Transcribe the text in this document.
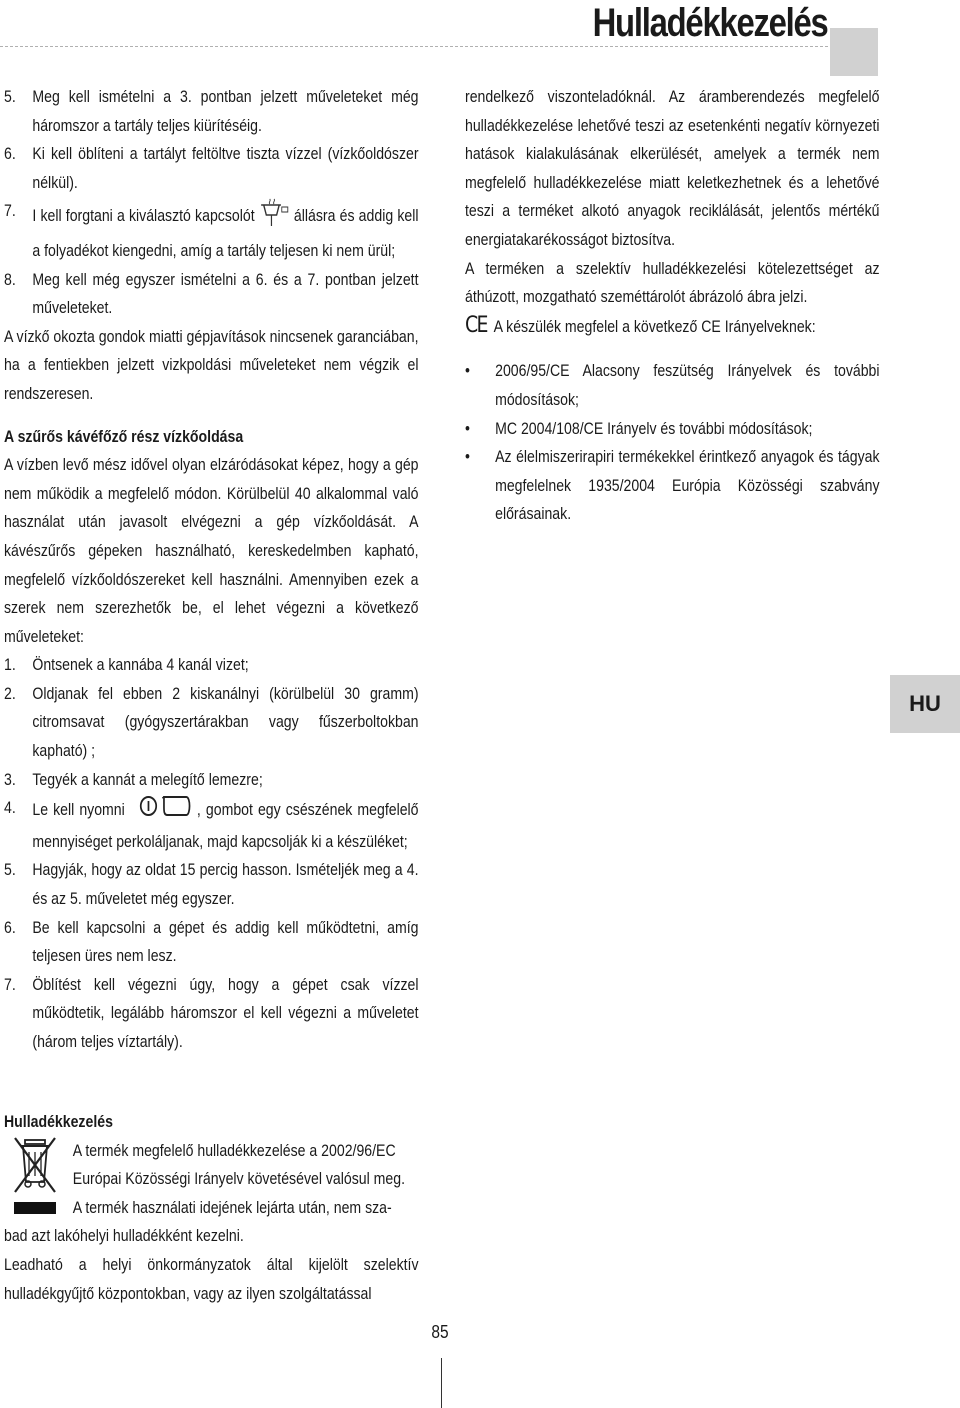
Hulladékkezelés
HU
5.	Meg kell ismételni a 3. pontban jelzett műveleteket még háromszor a tartály teljes kiürítéséig.
6.	Ki kell öblíteni a tartályt feltöltve tiszta vízzel (vízkőoldószer nélkül).
7.	I kell forgtani a kiválasztó kapcsolót állásra és addig kell a folyadékot kiengedni, amíg a tartály teljesen ki nem ürül;
8.	Meg kell még egyszer ismételni a 6. és a 7. pontban jelzett műveleteket.

A vízkő okozta gondok miatti gépjavítások nincsenek garanciában, ha a fentiekben jelzett vizkpoldási műveleteket nem végzik el rendszeresen.

A szűrős kávéfőző rész vízkőoldása

A vízben levő mész idővel olyan elzáródásokat képez, hogy a gép nem működik a megfelelő módon. Körülbelül 40 alkalommal való használat után javasolt elvégezni a gép vízkőoldását. A kávészűrős gépeken használható, kereskedelmben kapható, megfelelő vízkőoldószereket kell használni. Amennyiben ezek a szerek nem szerezhetők be, el lehet végezni a következő műveleteket:

1.	Öntsenek a kannába 4 kanál vizet;
2.	Oldjanak fel ebben 2 kiskanálnyi (körülbelül 30 gramm) citromsavat (gyógyszertárakban vagy fűszerboltokban kapható) ;
3.	Tegyék a kannát a melegítő lemezre;
4.	Le kell nyomni	, gombot egy csészének megfelelő mennyiséget perkoláljanak, majd kapcsolják ki a készüléket;
5.	Hagyják, hogy az oldat 15 percig hasson. Ismételjék meg a 4. és az 5. műveletet még egyszer.
6.	Be kell kapcsolni a gépet és addig kell működtetni, amíg teljesen üres nem lesz.
7.	Öblítést kell végezni úgy, hogy a gépet csak vízzel működtetik, legálább háromszor el kell végezni a műveletet (három teljes víztartály).
Hulladékkezelés
A termék megfelelő hulladékkezelése a 2002/96/EC
Európai Közösségi Irányelv követésével valósul meg.
A termék használati idejének lejárta után, nem sza-
bad azt lakóhelyi hulladékként kezelni.

Leadható a helyi önkormányzatok által kijelölt szelektív hulladékgyűjtő központokban, vagy az ilyen szolgáltatással

rendelkező viszonteladóknál. Az áramberendezés megfelelő hulladékkezelése lehetővé teszi az esetenkénti negatív környezeti hatások kialakulásának elkerülését, amelyek a termék nem megfelelő hulladékkezelése miatt keletkezhetnek és a lehetővé teszi a terméket alkotó anyagok reciklálását, jelentős mértékű energiatakarékosságot biztosítva.

A terméken a szelektív hulladékkezelési kötelezettséget az áthúzott, mozgatható szeméttárolót ábrázoló ábra jelzi.

CE A készülék megfelel a következő CE Irányelveknek:

•	2006/95/CE Alacsony feszütség Irányelvek és további módosítások;
•	MC 2004/108/CE Irányelv és további módosítások;
•	Az élelmiszerirapiri termékekkel érintkező anyagok és tágyak megfelelnek 1935/2004 Európia Közösségi szabvány előrásainak.
85
